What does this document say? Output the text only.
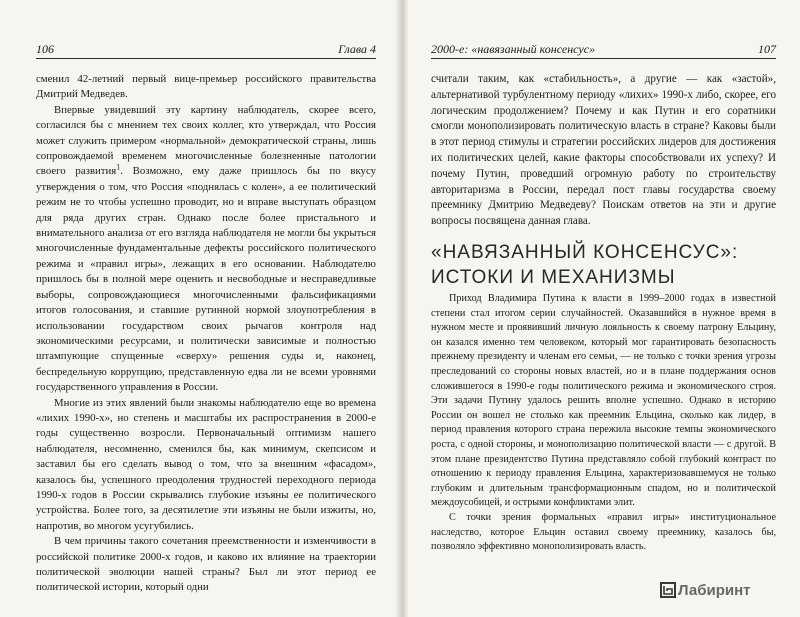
106	Глава 4

сменил 42-летний первый вице-премьер российского правительства Дмитрий Медведев.

Впервые увидевший эту картину наблюдатель, скорее всего, согласился бы с мнением тех своих коллег, кто утверждал, что Россия может служить примером «нормальной» демократической страны, лишь сопровождаемой временем многочисленные болезненные патологии своего развития$^1$. Возможно, ему даже пришлось бы по вкусу утверждения о том, что Россия «поднялась с колен», а ее политический режим не то чтобы успешно проводит, но и вправе выступать образцом для ряда других стран. Однако после более пристального и внимательного анализа от его взгляда наблюдателя не могли бы укрыться многочисленные фундаментальные дефекты российского политического режима и «правил игры», лежащих в его основании. Наблюдателю пришлось бы в полной мере оценить и несвободные и несправедливые выборы, сопровождающиеся многочисленными фальсификациями итогов голосования, и ставшие рутинной нормой злоупотребления в использовании государством своих рычагов контроля над экономическими ресурсами, и политически зависимые и полностью штампующие спущенные «сверху» решения суды и, наконец, беспредельную коррупцию, представленную едва ли не всеми уровнями государственного управления в России.

Многие из этих явлений были знакомы наблюдателю еще во времена «лихих 1990-х», но степень и масштабы их распространения в 2000-е годы существенно возросли. Первоначальный оптимизм нашего наблюдателя, несомненно, сменился бы, как минимум, скепсисом и заставил бы его сделать вывод о том, что за внешним «фасадом», казалось бы, успешного преодоления трудностей переходного периода 1990-х годов в России скрывались глубокие изъяны ее политического устройства. Более того, за десятилетие эти изъяны не были изжиты, но, напротив, во многом усугубились.

В чем причины такого сочетания преемственности и изменчивости в российской политике 2000-х годов, и каково их влияние на траектории политической эволюции нашей страны? Был ли этот период ее политической истории, который одни

2000-е: «навязанный консенсус»	107

считали таким, как «стабильность», а другие — как «застой», альтернативой турбулентному периоду «лихих» 1990-х либо, скорее, его логическим продолжением? Почему и как Путин и его соратники смогли монополизировать политическую власть в стране? Каковы были в этот период стимулы и стратегии российских лидеров для достижения их политических целей, какие факторы способствовали их успеху? И почему Путин, проведший огромную работу по строительству авторитаризма в России, передал пост главы государства своему преемнику Дмитрию Медведеву? Поискам ответов на эти и другие вопросы посвящена данная глава.

«НАВЯЗАННЫЙ КОНСЕНСУС»:
ИСТОКИ И МЕХАНИЗМЫ

Приход Владимира Путина к власти в 1999–2000 годах в известной степени стал итогом серии случайностей. Оказавшийся в нужное время в нужном месте и проявивший личную лояльность к своему патрону Ельцину, он казался именно тем человеком, который мог гарантировать безопасность прежнему президенту и членам его семьи, — не только с точки зрения угрозы преследований со стороны новых властей, но и в плане поддержания основ сложившегося в 1990-е годы политического режима и экономического строя. Эти задачи Путину удалось решить вполне успешно. Однако в историю России он вошел не столько как преемник Ельцина, сколько как лидер, в период правления которого страна пережила высокие темпы экономического роста, с одной стороны, и монополизацию политической власти — с другой. В этом плане президентство Путина представляло собой глубокий контраст по отношению к периоду правления Ельцина, характеризовавшемуся не только глубоким и длительным трансформационным спадом, но и политической междоусобицей, и острыми конфликтами элит.

С точки зрения формальных «правил игры» институциональное наследство, которое Ельцин оставил своему преемнику, казалось бы, позволяло эффективно монополизировать власть.

Лабиринт
